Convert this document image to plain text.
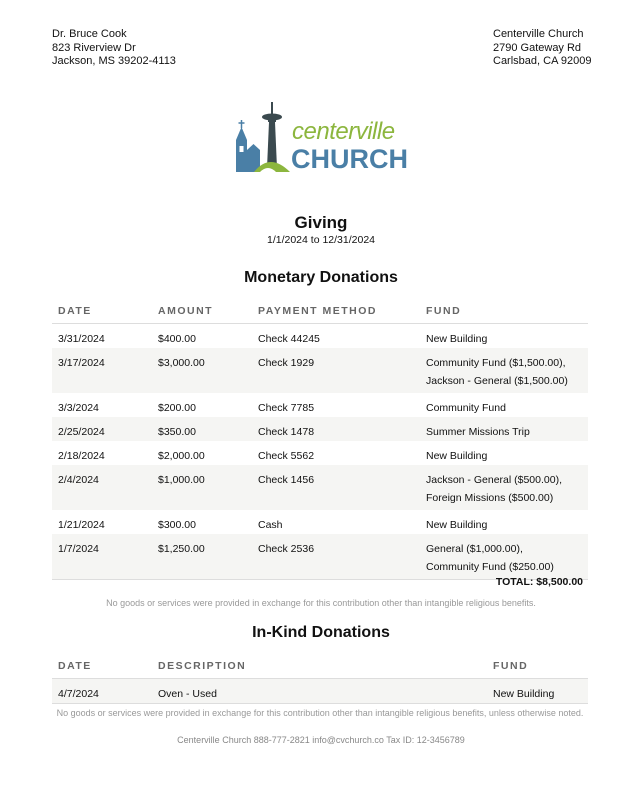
Dr. Bruce Cook
823 Riverview Dr
Jackson, MS 39202-4113
Centerville Church
2790 Gateway Rd
Carlsbad, CA 92009
centerville
CHURCH
Giving
1/1/2024 to 12/31/2024
Monetary Donations
DATE	AMOUNT	PAYMENT METHOD	FUND
3/31/2024	$400.00	Check 44245	New Building

3/17/2024	$3,000.00	Check 1929	Community Fund ($1,500.00),
Jackson - General ($1,500.00)

3/3/2024	$200.00	Check 7785	Community Fund

2/25/2024	$350.00	Check 1478	Summer Missions Trip

2/18/2024	$2,000.00	Check 5562	New Building

2/4/2024	$1,000.00	Check 1456	Jackson - General ($500.00),
Foreign Missions ($500.00)

1/21/2024	$300.00	Cash	New Building

1/7/2024	$1,250.00	Check 2536	General ($1,000.00),
Community Fund ($250.00)
TOTAL: $8,500.00
No goods or services were provided in exchange for this contribution other than intangible religious benefits.
In-Kind Donations
DATE	DESCRIPTION	FUND
4/7/2024	Oven - Used	New Building
No goods or services were provided in exchange for this contribution other than intangible religious benefits, unless otherwise noted.
Centerville Church 888-777-2821 info@cvchurch.co Tax ID: 12-3456789
